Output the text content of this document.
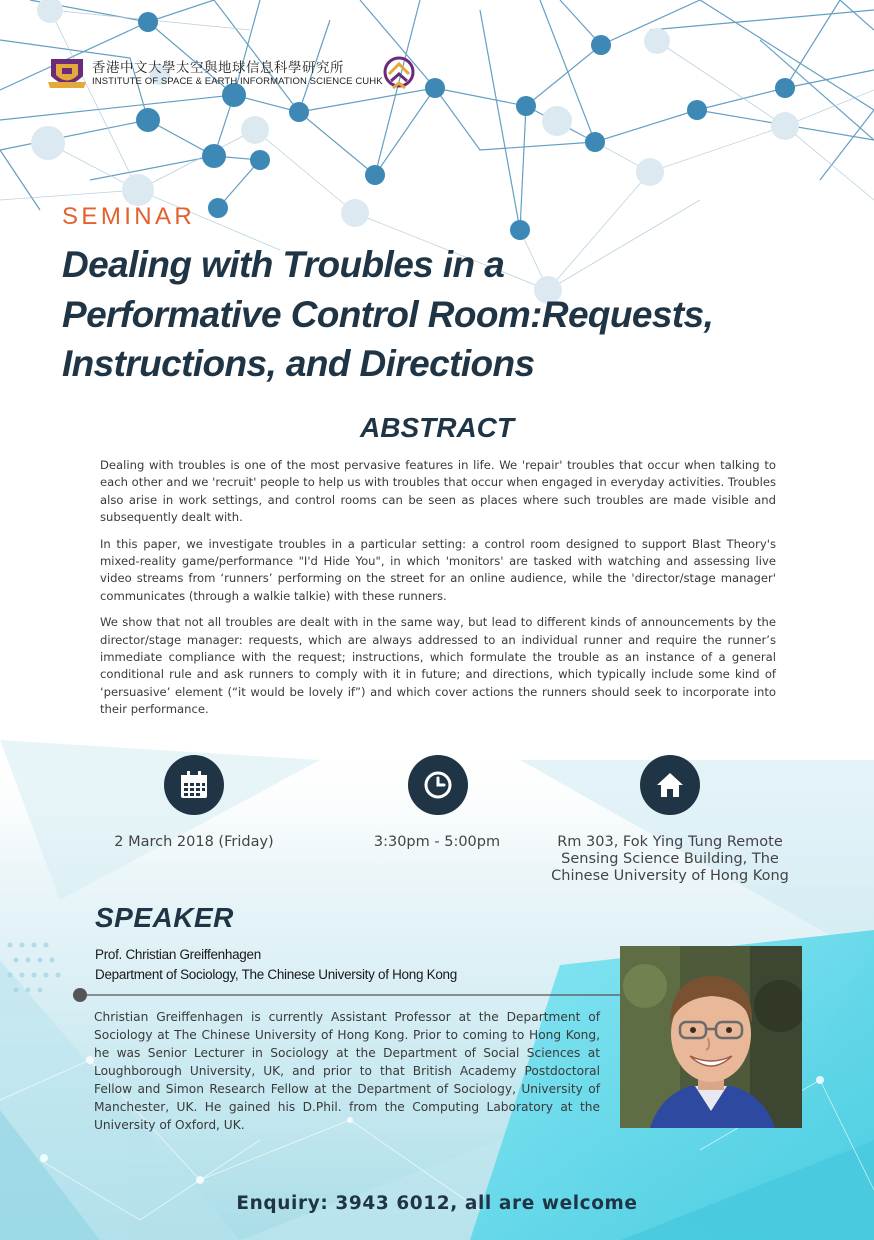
香港中文大學太空與地球信息科學研究所
INSTITUTE OF SPACE & EARTH INFORMATION SCIENCE CUHK
SEMINAR
Dealing with Troubles in a
Performative Control Room:Requests,
Instructions, and Directions
ABSTRACT

Dealing with troubles is one of the most pervasive features in life. We 'repair' troubles that occur when talking to each other and we 'recruit' people to help us with troubles that occur when engaged in everyday activities. Troubles also arise in work settings, and control rooms can be seen as places where such troubles are made visible and subsequently dealt with.

In this paper, we investigate troubles in a particular setting: a control room designed to support Blast Theory's mixed-reality game/performance "I'd Hide You", in which 'monitors' are tasked with watching and assessing live video streams from ‘runners’ performing on the street for an online audience, while the 'director/stage manager' communicates (through a walkie talkie) with these runners.

We show that not all troubles are dealt with in the same way, but lead to different kinds of announcements by the director/stage manager: requests, which are always addressed to an individual runner and require the runner’s immediate compliance with the request; instructions, which formulate the trouble as an instance of a general conditional rule and ask runners to comply with it in future; and directions, which typically include some kind of ‘persuasive’ element (“it would be lovely if”) and which cover actions the runners should seek to incorporate into their performance.

2 March 2018 (Friday)	3:30pm - 5:00pm	Rm 303, Fok Ying Tung Remote
Sensing Science Building, The
Chinese University of Hong Kong
SPEAKER
Prof. Christian Greiffenhagen
Department of Sociology, The Chinese University of Hong Kong
Christian Greiffenhagen is currently Assistant Professor at the Department of Sociology at The Chinese University of Hong Kong. Prior to coming to Hong Kong, he was Senior Lecturer in Sociology at the Department of Social Sciences at Loughborough University, UK, and prior to that British Academy Postdoctoral Fellow and Simon Research Fellow at the Department of Sociology, University of Manchester, UK. He gained his D.Phil. from the Computing Laboratory at the University of Oxford, UK.
Enquiry: 3943 6012, all are welcome
